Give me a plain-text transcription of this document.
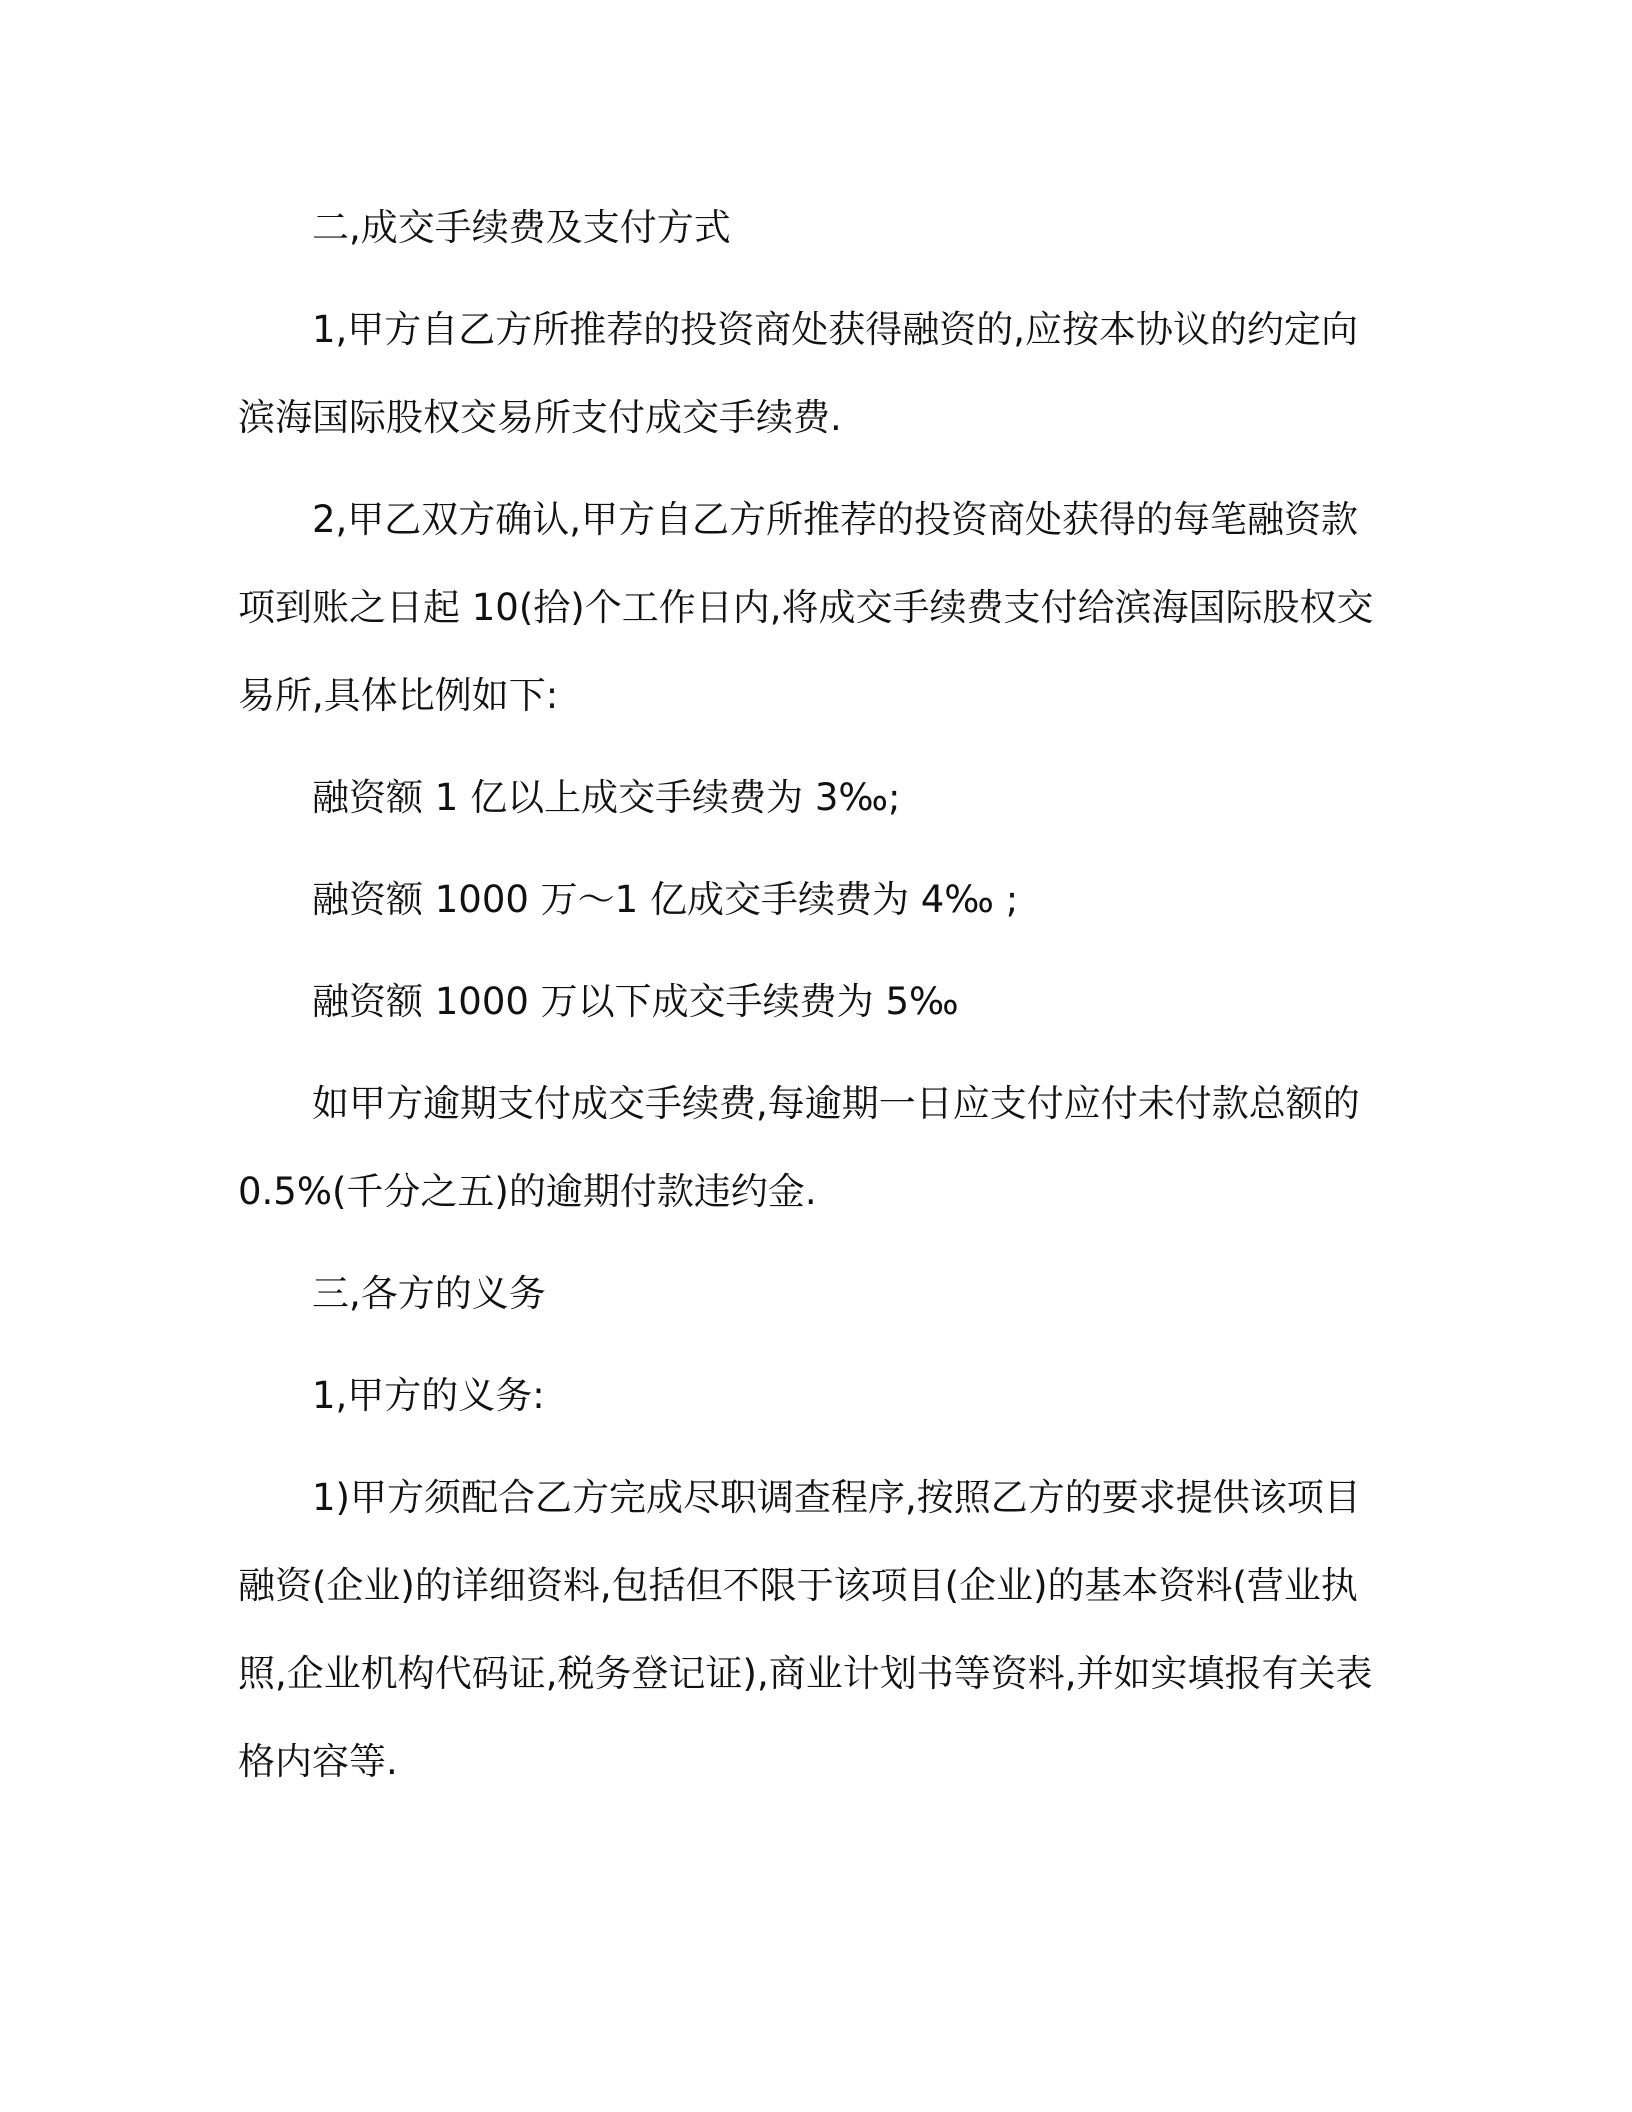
二,成交手续费及支付方式

1,甲方自乙方所推荐的投资商处获得融资的,应按本协议的约定向滨海国际股权交易所支付成交手续费.

2,甲乙双方确认,甲方自乙方所推荐的投资商处获得的每笔融资款项到账之日起 10(拾)个工作日内,将成交手续费支付给滨海国际股权交易所,具体比例如下:

融资额 1 亿以上成交手续费为 3‰;

融资额 1000 万～1 亿成交手续费为 4‰ ;

融资额 1000 万以下成交手续费为 5‰

如甲方逾期支付成交手续费,每逾期一日应支付应付未付款总额的 0.5%(千分之五)的逾期付款违约金.

三,各方的义务

1,甲方的义务:

1)甲方须配合乙方完成尽职调查程序,按照乙方的要求提供该项目融资(企业)的详细资料,包括但不限于该项目(企业)的基本资料(营业执照,企业机构代码证,税务登记证),商业计划书等资料,并如实填报有关表格内容等.
